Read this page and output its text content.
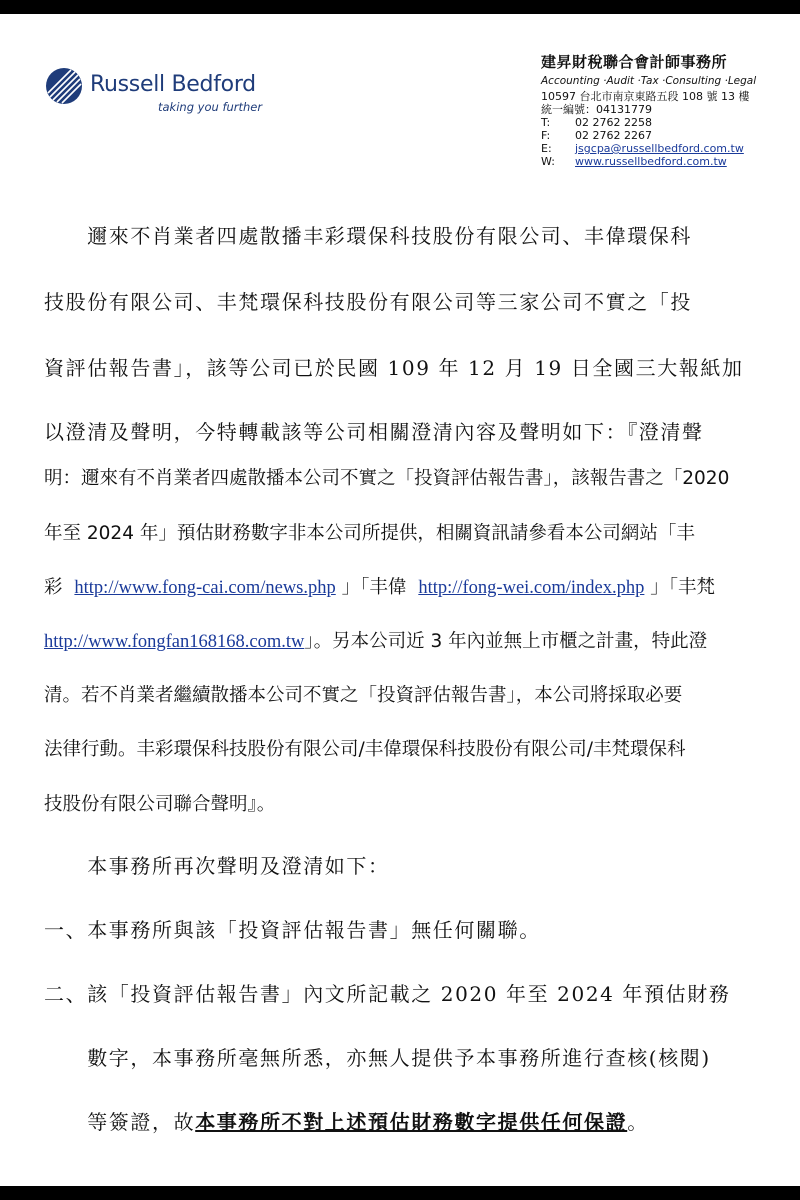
Russell Bedford
taking you further
建昇財稅聯合會計師事務所
Accounting ·Audit ·Tax ·Consulting ·Legal
10597 台北市南京東路五段 108 號 13 樓
統一編號：04131779
T:	02 2762 2258
F:	02 2762 2267
E:	jsgcpa@russellbedford.com.tw
W:	www.russellbedford.com.tw
　　邇來不肖業者四處散播丰彩環保科技股份有限公司、丰偉環保科
技股份有限公司、丰梵環保科技股份有限公司等三家公司不實之「投
資評估報告書」，該等公司已於民國 109 年 12 月 19 日全國三大報紙加
以澄清及聲明，今特轉載該等公司相關澄清內容及聲明如下：『澄清聲
明：邇來有不肖業者四處散播本公司不實之「投資評估報告書」，該報告書之「2020
年至 2024 年」預估財務數字非本公司所提供，相關資訊請參看本公司網站「丰
彩 http://www.fong-cai.com/news.php 」「丰偉 http://fong-wei.com/index.php 」「丰梵
http://www.fongfan168168.com.tw」。另本公司近 3 年內並無上市櫃之計畫，特此澄
清。若不肖業者繼續散播本公司不實之「投資評估報告書」，本公司將採取必要
法律行動。丰彩環保科技股份有限公司/丰偉環保科技股份有限公司/丰梵環保科
技股份有限公司聯合聲明』。
　　本事務所再次聲明及澄清如下：
一、本事務所與該「投資評估報告書」無任何關聯。
二、該「投資評估報告書」內文所記載之 2020 年至 2024 年預估財務
　　數字，本事務所毫無所悉，亦無人提供予本事務所進行查核(核閱)
　　等簽證，故本事務所不對上述預估財務數字提供任何保證。
